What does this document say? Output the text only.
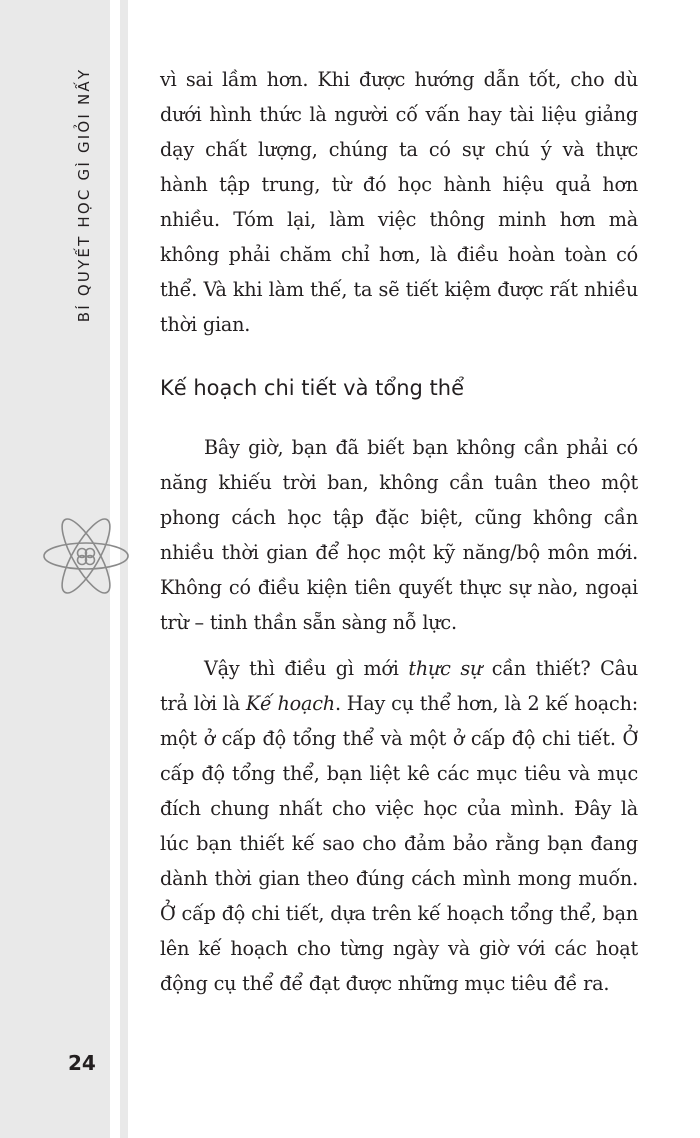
BÍ QUYẾT HỌC GÌ GIỎI NẤY
24

vì sai lầm hơn. Khi được hướng dẫn tốt, cho dù dưới hình thức là người cố vấn hay tài liệu giảng dạy chất lượng, chúng ta có sự chú ý và thực hành tập trung, từ đó học hành hiệu quả hơn nhiều. Tóm lại, làm việc thông minh hơn mà không phải chăm chỉ hơn, là điều hoàn toàn có thể. Và khi làm thế, ta sẽ tiết kiệm được rất nhiều thời gian.

Kế hoạch chi tiết và tổng thể

Bây giờ, bạn đã biết bạn không cần phải có năng khiếu trời ban, không cần tuân theo một phong cách học tập đặc biệt, cũng không cần nhiều thời gian để học một kỹ năng/bộ môn mới. Không có điều kiện tiên quyết thực sự nào, ngoại trừ – tinh thần sẵn sàng nỗ lực.

Vậy thì điều gì mới thực sự cần thiết? Câu trả lời là Kế hoạch. Hay cụ thể hơn, là 2 kế hoạch: một ở cấp độ tổng thể và một ở cấp độ chi tiết. Ở cấp độ tổng thể, bạn liệt kê các mục tiêu và mục đích chung nhất cho việc học của mình. Đây là lúc bạn thiết kế sao cho đảm bảo rằng bạn đang dành thời gian theo đúng cách mình mong muốn. Ở cấp độ chi tiết, dựa trên kế hoạch tổng thể, bạn lên kế hoạch cho từng ngày và giờ với các hoạt động cụ thể để đạt được những mục tiêu đề ra.
